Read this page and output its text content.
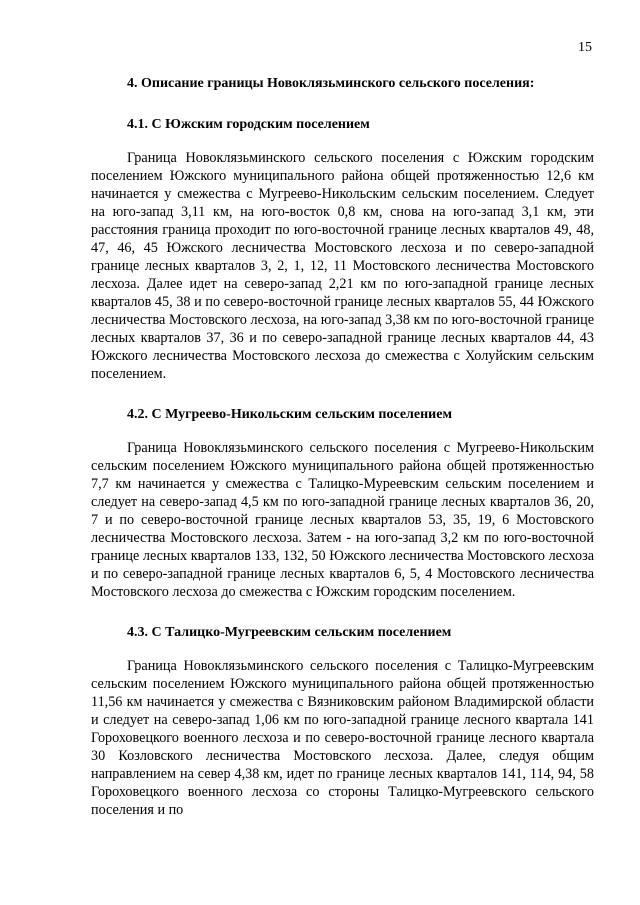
15

4. Описание границы Новоклязьминского сельского поселения:

4.1. С Южским городским поселением

Граница Новоклязьминского сельского поселения с Южским городским поселением Южского муниципального района общей протяженностью 12,6 км начинается у смежества с Мугреево-Никольским сельским поселением. Следует на юго-запад 3,11 км, на юго-восток 0,8 км, снова на юго-запад 3,1 км, эти расстояния граница проходит по юго-восточной границе лесных кварталов 49, 48, 47, 46, 45 Южского лесничества Мостовского лесхоза и по северо-западной границе лесных кварталов 3, 2, 1, 12, 11 Мостовского лесничества Мостовского лесхоза. Далее идет на северо-запад 2,21 км по юго-западной границе лесных кварталов 45, 38 и по северо-восточной границе лесных кварталов 55, 44 Южского лесничества Мостовского лесхоза, на юго-запад 3,38 км по юго-восточной границе лесных кварталов 37, 36 и по северо-западной границе лесных кварталов 44, 43 Южского лесничества Мостовского лесхоза до смежества с Холуйским сельским поселением.

4.2. С Мугреево-Никольским сельским поселением

Граница Новоклязьминского сельского поселения с Мугреево-Никольским сельским поселением Южского муниципального района общей протяженностью 7,7 км начинается у смежества с Талицко-Муреевским сельским поселением и следует на северо-запад 4,5 км по юго-западной границе лесных кварталов 36, 20, 7 и по северо-восточной границе лесных кварталов 53, 35, 19, 6 Мостовского лесничества Мостовского лесхоза. Затем - на юго-запад 3,2 км по юго-восточной границе лесных кварталов 133, 132, 50 Южского лесничества Мостовского лесхоза и по северо-западной границе лесных кварталов 6, 5, 4 Мостовского лесничества Мостовского лесхоза до смежества с Южским городским поселением.

4.3. С Талицко-Мугреевским сельским поселением

Граница Новоклязьминского сельского поселения с Талицко-Мугреевским сельским поселением Южского муниципального района общей протяженностью 11,56 км начинается у смежества с Вязниковским районом Владимирской области и следует на северо-запад 1,06 км по юго-западной границе лесного квартала 141 Гороховецкого военного лесхоза и по северо-восточной границе лесного квартала 30 Козловского лесничества Мостовского лесхоза. Далее, следуя общим направлением на север 4,38 км, идет по границе лесных кварталов 141, 114, 94, 58 Гороховецкого военного лесхоза со стороны Талицко-Мугреевского сельского поселения и по
